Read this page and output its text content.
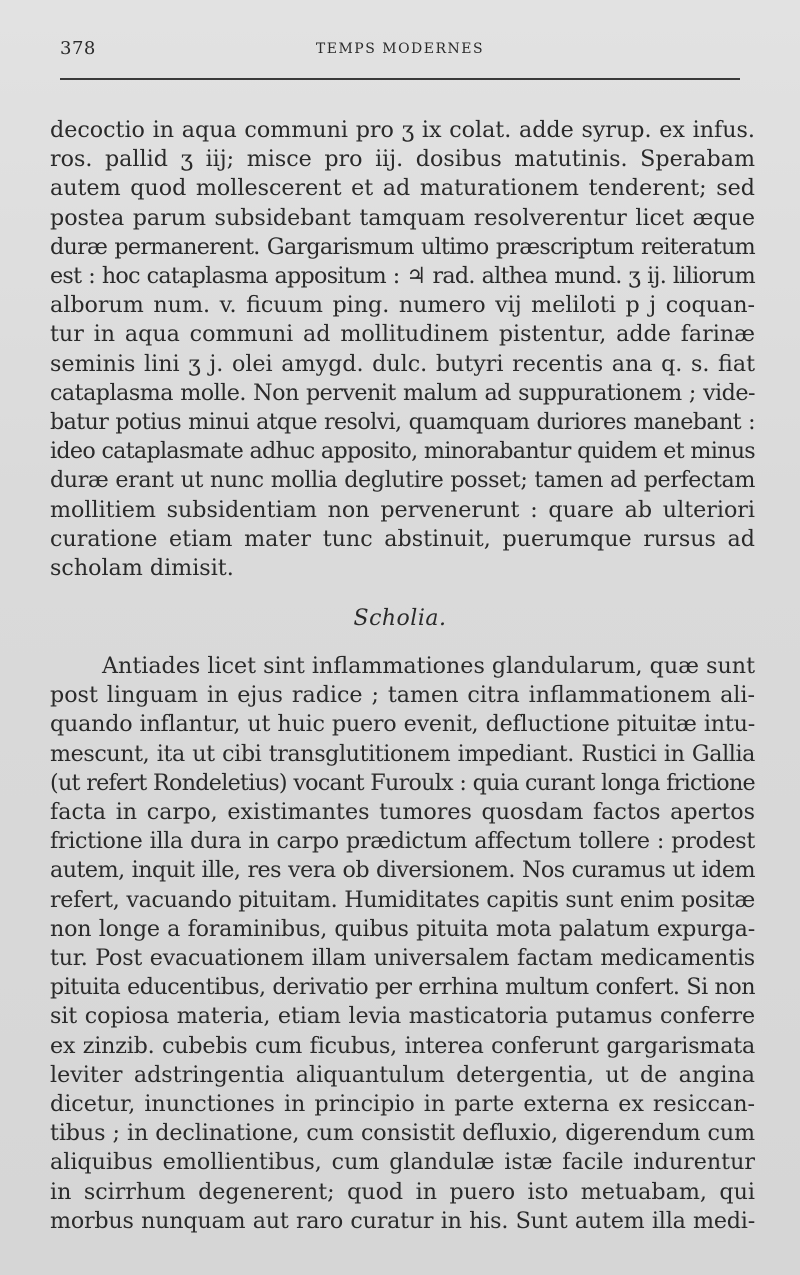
378	TEMPS MODERNES
decoctio in aqua communi pro ʒ ix colat. adde syrup. ex infus.
ros. pallid ʒ iij; misce pro iij. dosibus matutinis. Sperabam
autem quod mollescerent et ad maturationem tenderent; sed
postea parum subsidebant tamquam resolverentur licet æque
duræ permanerent. Gargarismum ultimo præscriptum reiteratum
est : hoc cataplasma appositum : ♃ rad. althea mund. ʒ ij. liliorum
alborum num. v. ficuum ping. numero vij meliloti p j coquan-
tur in aqua communi ad mollitudinem pistentur, adde farinæ
seminis lini ʒ j. olei amygd. dulc. butyri recentis ana q. s. fiat
cataplasma molle. Non pervenit malum ad suppurationem ; vide-
batur potius minui atque resolvi, quamquam duriores manebant :
ideo cataplasmate adhuc apposito, minorabantur quidem et minus
duræ erant ut nunc mollia deglutire posset; tamen ad perfectam
mollitiem subsidentiam non pervenerunt : quare ab ulteriori
curatione etiam mater tunc abstinuit, puerumque rursus ad
scholam dimisit.
Scholia.
Antiades licet sint inflammationes glandularum, quæ sunt
post linguam in ejus radice ; tamen citra inflammationem ali-
quando inflantur, ut huic puero evenit, defluctione pituitæ intu-
mescunt, ita ut cibi transglutitionem impediant. Rustici in Gallia
(ut refert Rondeletius) vocant Furoulx : quia curant longa frictione
facta in carpo, existimantes tumores quosdam factos apertos
frictione illa dura in carpo prædictum affectum tollere : prodest
autem, inquit ille, res vera ob diversionem. Nos curamus ut idem
refert, vacuando pituitam. Humiditates capitis sunt enim positæ
non longe a foraminibus, quibus pituita mota palatum expurga-
tur. Post evacuationem illam universalem factam medicamentis
pituita educentibus, derivatio per errhina multum confert. Si non
sit copiosa materia, etiam levia masticatoria putamus conferre
ex zinzib. cubebis cum ficubus, interea conferunt gargarismata
leviter adstringentia aliquantulum detergentia, ut de angina
dicetur, inunctiones in principio in parte externa ex resiccan-
tibus ; in declinatione, cum consistit defluxio, digerendum cum
aliquibus emollientibus, cum glandulæ istæ facile indurentur
in scirrhum degenerent; quod in puero isto metuabam, qui
morbus nunquam aut raro curatur in his. Sunt autem illa medi-
